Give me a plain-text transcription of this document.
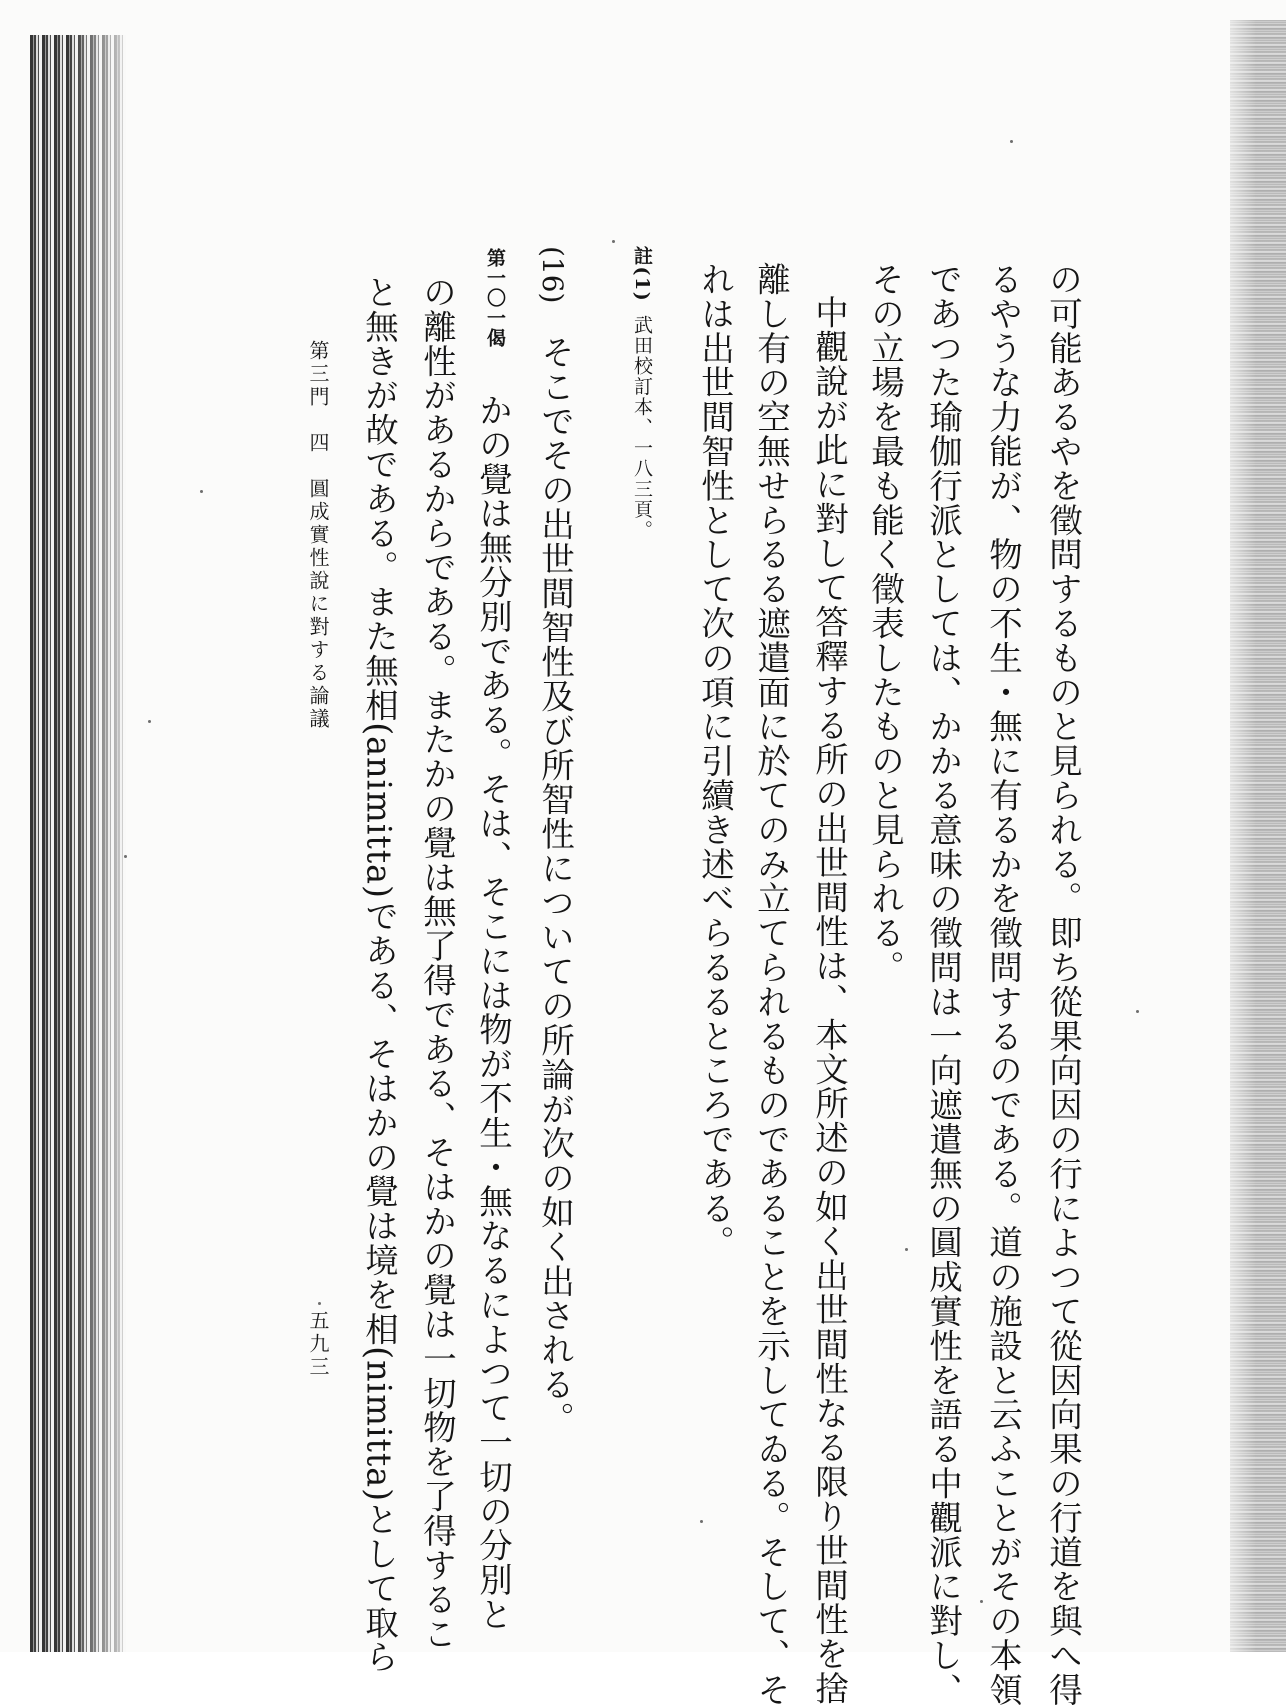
の可能あるやを徵問するものと見られる。即ち從果向因の行によつて從因向果の行道を與へ得
るやうな力能が、物の不生・無に有るかを徵問するのである。道の施設と云ふことがその本領
であつた瑜伽行派としては、かかる意味の徵問は一向遮遣無の圓成實性を語る中觀派に對し、
その立場を最も能く徵表したものと見られる。
中觀說が此に對して答釋する所の出世間性は、本文所述の如く出世間性なる限り世間性を捨
離し有の空無せらるる遮遣面に於てのみ立てられるものであることを示してゐる。そして、そ
れは出世間智性として次の項に引續き述べらるるところである。
註(1)
武田校訂本、一八三頁。
(16)
そこでその出世間智性及び所智性についての所論が次の如く出される。
第一〇一偈
かの覺は無分別である。そは、そこには物が不生・無なるによつて一切の分別と
の離性があるからである。またかの覺は無了得である、そはかの覺は一切物を了得するこ
と無きが故である。また無相(animitta)である、そはかの覺は境を相(nimitta)として取ら
第三門　四　圓成實性說に對する論議
五九三
